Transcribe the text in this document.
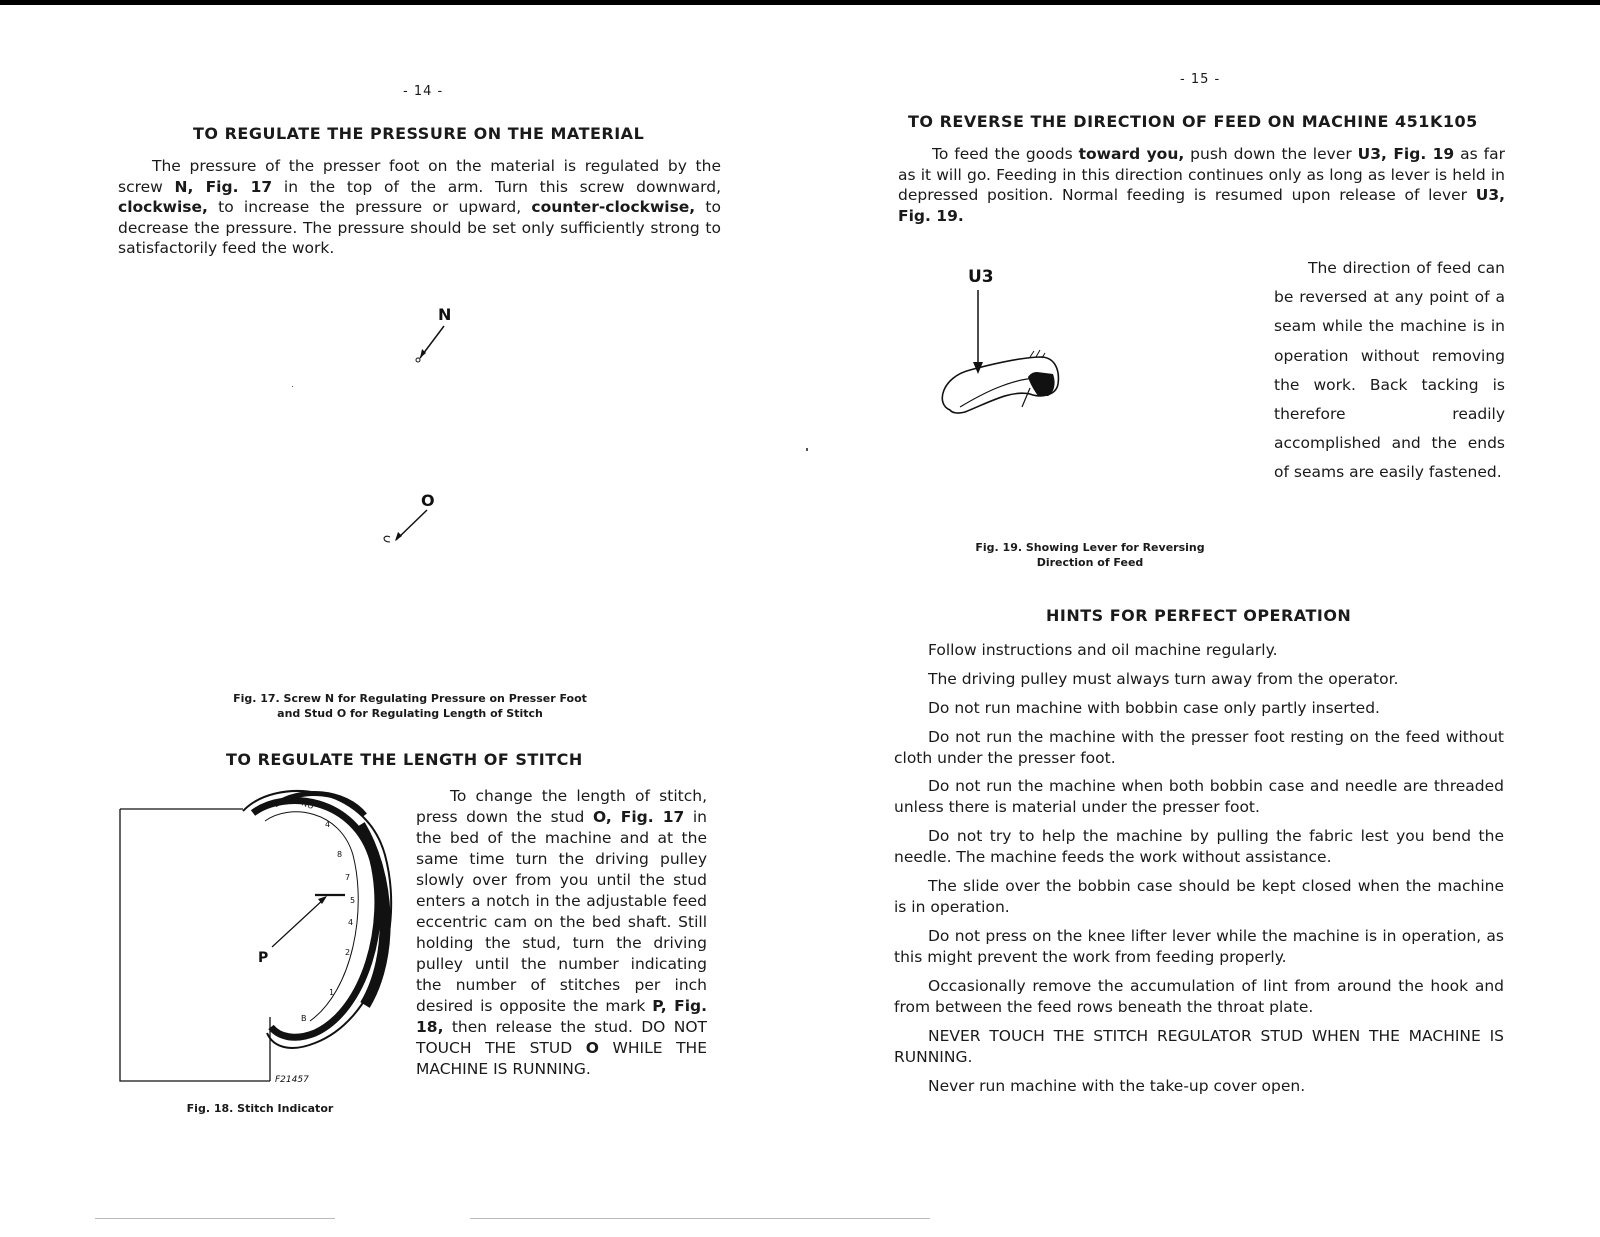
- 14 -
TO REGULATE THE PRESSURE ON THE MATERIAL
The pressure of the presser foot on the material is regulated by the screw N, Fig. 17 in the top of the arm. Turn this screw downward, clockwise, to increase the pressure or upward, counter-clockwise, to decrease the pressure. The pressure should be set only sufficiently strong to satisfactorily feed the work.
N
O
Fig. 17. Screw N for Regulating Pressure on Presser Foot
and Stud O for Regulating Length of Stitch
TO REGULATE THE LENGTH OF STITCH
NO
4
8
7
5
4
2
1
B
P
F21457
Fig. 18. Stitch Indicator
To change the length of stitch, press down the stud O, Fig. 17 in the bed of the machine and at the same time turn the driving pulley slowly over from you until the stud enters a notch in the adjustable feed eccentric cam on the bed shaft. Still holding the stud, turn the driving pulley until the number indicating the number of stitches per inch desired is opposite the mark P, Fig. 18, then release the stud. DO NOT TOUCH THE STUD O WHILE THE MACHINE IS RUNNING.
- 15 -
TO REVERSE THE DIRECTION OF FEED ON MACHINE 451K105
To feed the goods toward you, push down the lever U3, Fig. 19 as far as it will go. Feeding in this direction continues only as long as lever is held in depressed position. Normal feeding is resumed upon release of lever U3, Fig. 19.
U3
Fig. 19. Showing Lever for Reversing
Direction of Feed
The direction of feed can be reversed at any point of a seam while the machine is in operation without removing the work. Back tacking is therefore readily accomplished and the ends of seams are easily fastened.
HINTS FOR PERFECT OPERATION
Follow instructions and oil machine regularly.
The driving pulley must always turn away from the operator.
Do not run machine with bobbin case only partly inserted.
Do not run the machine with the presser foot resting on the feed without cloth under the presser foot.
Do not run the machine when both bobbin case and needle are threaded unless there is material under the presser foot.
Do not try to help the machine by pulling the fabric lest you bend the needle. The machine feeds the work without assistance.
The slide over the bobbin case should be kept closed when the machine is in operation.
Do not press on the knee lifter lever while the machine is in operation, as this might prevent the work from feeding properly.
Occasionally remove the accumulation of lint from around the hook and from between the feed rows beneath the throat plate.
NEVER TOUCH THE STITCH REGULATOR STUD WHEN THE MACHINE IS RUNNING.
Never run machine with the take-up cover open.
